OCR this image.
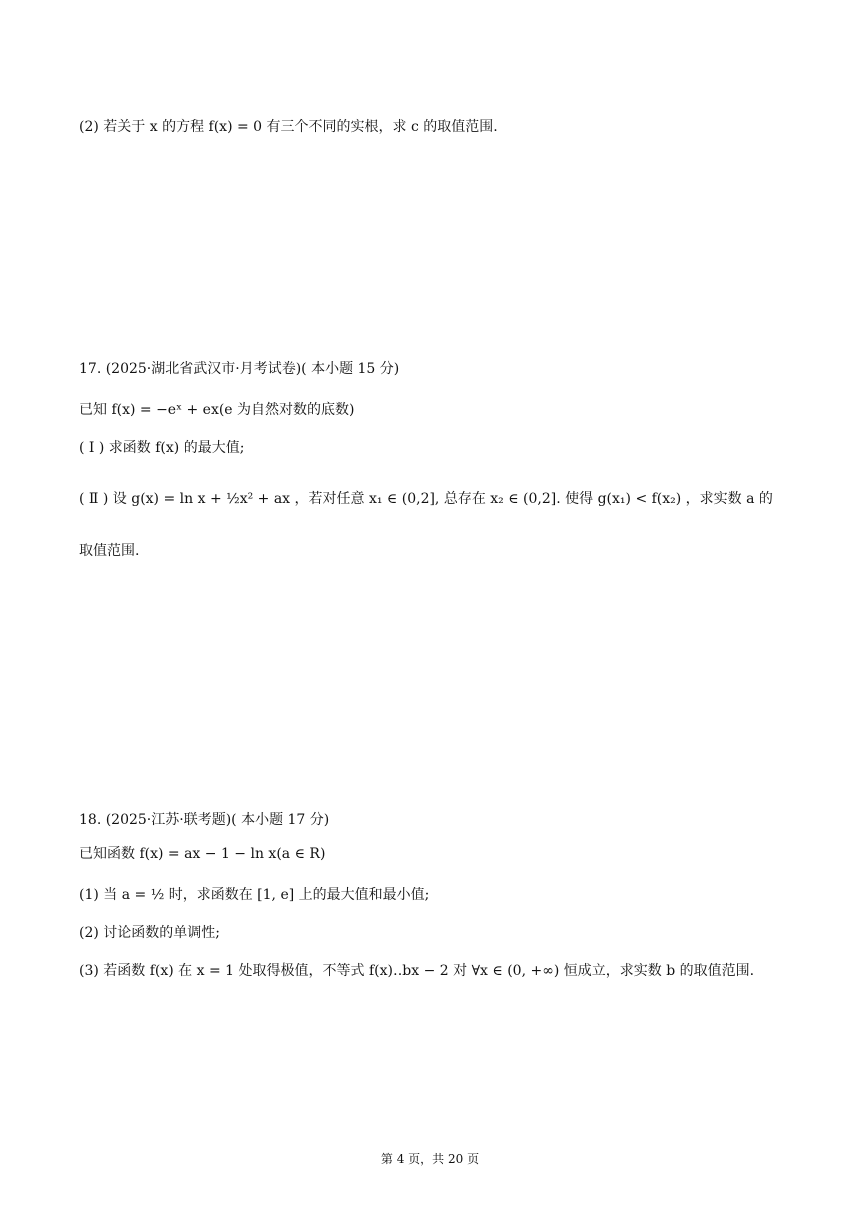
(2) 若关于 x 的方程 f(x) = 0 有三个不同的实根，求 c 的取值范围.
17. (2025·湖北省武汉市·月考试卷)( 本小题 15 分)
已知 f(x) = −eˣ + ex(e 为自然对数的底数)
( Ⅰ ) 求函数 f(x) 的最大值;
( Ⅱ ) 设 g(x) = ln x + ½x² + ax ，若对任意 x₁ ∈ (0,2], 总存在 x₂ ∈ (0,2]. 使得 g(x₁) < f(x₂) ，求实数 a 的
取值范围.
18. (2025·江苏·联考题)( 本小题 17 分)
已知函数 f(x) = ax − 1 − ln x(a ∈ R)
(1) 当 a = ½ 时，求函数在 [1, e] 上的最大值和最小值;
(2) 讨论函数的单调性;
(3) 若函数 f(x) 在 x = 1 处取得极值，不等式 f(x)‥bx − 2 对 ∀x ∈ (0, +∞) 恒成立，求实数 b 的取值范围.
第 4 页，共 20 页
